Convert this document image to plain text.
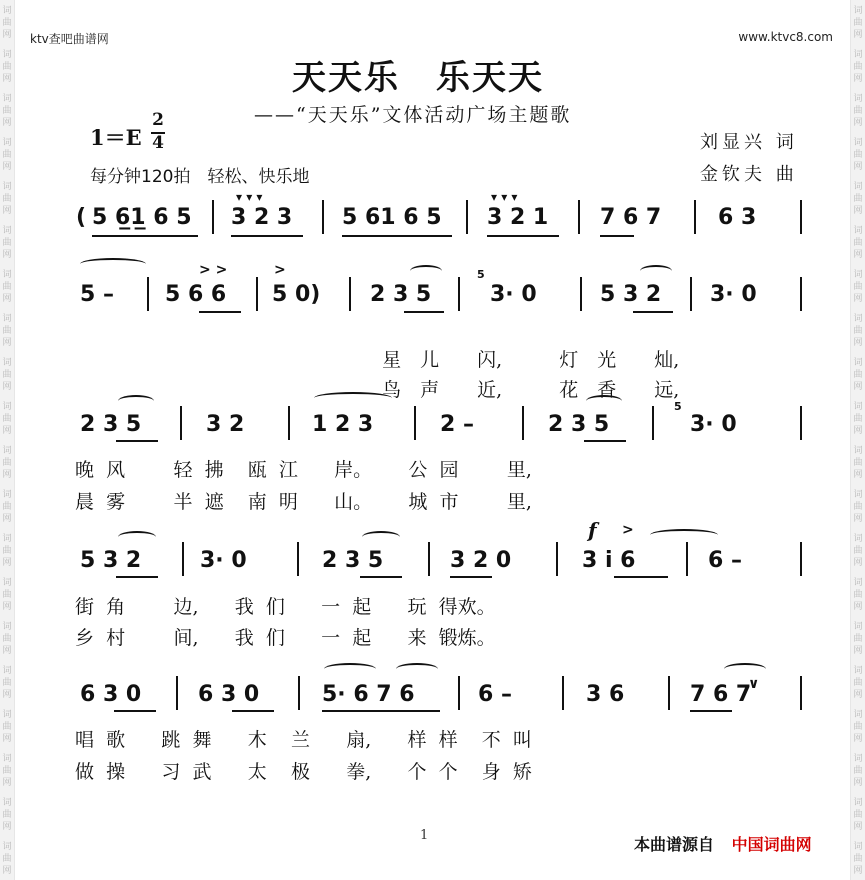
词
曲
网
词
曲
网
词
曲
网
词
曲
网
词
曲
网
词
曲
网
词
曲
网
词
曲
网
词
曲
网
词
曲
网
词
曲
网
词
曲
网
词
曲
网
词
曲
网
词
曲
网
词
曲
网
词
曲
网
词
曲
网
词
曲
网
词
曲
网
词
曲
网
词
曲
网
词
曲
网
词
曲
网
词
曲
网
词
曲
网
词
曲
网
词
曲
网
词
曲
网
词
曲
网
词
曲
网
词
曲
网
词
曲
网
词
曲
网
词
曲
网
词
曲
网
词
曲
网
词
曲
网
词
曲
网
词
曲
网
ktv查吧曲谱网	www.ktvc8.com
天天乐　乐天天
——“天天乐”文体活动广场主题歌
1＝E
2
4	刘显兴 词
金钦夫 曲
每分钟120拍　轻松、快乐地
( 5 6̲1̲ 6 5 3 2 3 5 61 6 5 3 2 1 7 6 7	6 3
▾ ▾ ▾	▾ ▾ ▾
5 – 5 6 6
> >
5 0)
>
2 3 5
5
3· 0	5 3 2 3· 0

星　 儿　　 闪,　　　	灯　 光　　 灿,

鸟　 声　　 近,　　　	花　 香　　 远,

2 3 5	3 2	1 2 3	2 –	2 3 5
5
3· 0
晚 风	轻 拂 瓯 江 岸。 公 园	里,
晨 雾	半 遮 南 明 山。 城 市	里,
5 3 2	3· 0	2 3 5	3 2 0
f >
3 i 6	6 –
街 角	边, 我 们 一 起 玩 得欢。
乡 村	间, 我 们 一 起 来 锻炼。
6 3 0	6 3 0	5· 6 7 6	6 –	3 6	7 6 7
∨
唱 歌 跳 舞 木 兰 扇, 样 样 不 叫
做 操 习 武 太 极 拳, 个 个 身 矫
1	本曲谱源自 中国词曲网
